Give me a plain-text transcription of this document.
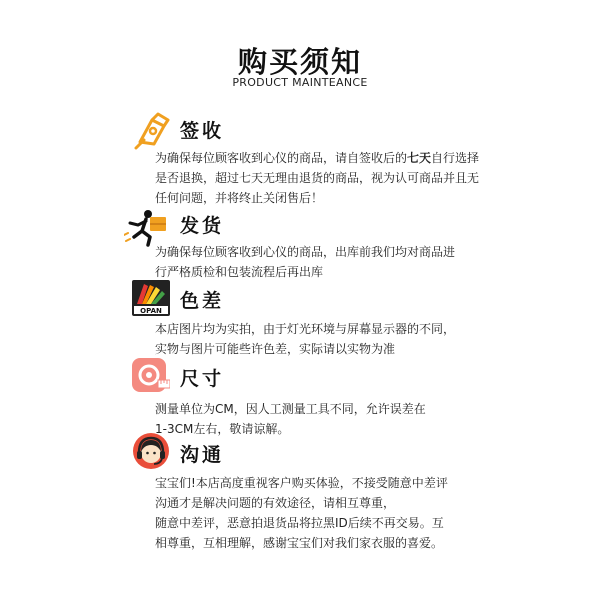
购买须知
PRODUCT MAINTEANCE
签收
为确保每位顾客收到心仪的商品，请自签收后的七天自行选择是否退换，超过七天无理由退货的商品，视为认可商品并且无任何问题，并将终止关闭售后！
发货

为确保每位顾客收到心仪的商品，出库前我们均对商品进

行严格质检和包装流程后再出库

OPAN 色差

本店图片均为实拍，由于灯光环境与屏幕显示器的不同，

实物与图片可能些许色差，实际请以实物为准

尺寸

测量单位为CM，因人工测量工具不同，允许误差在

1-3CM左右，敬请谅解。

沟通

宝宝们!本店高度重视客户购买体验，不接受随意中差评

沟通才是解决问题的有效途径，请相互尊重，

随意中差评，恶意拍退货品将拉黑ID后续不再交易。互

相尊重，互相理解，感谢宝宝们对我们家衣服的喜爱。
